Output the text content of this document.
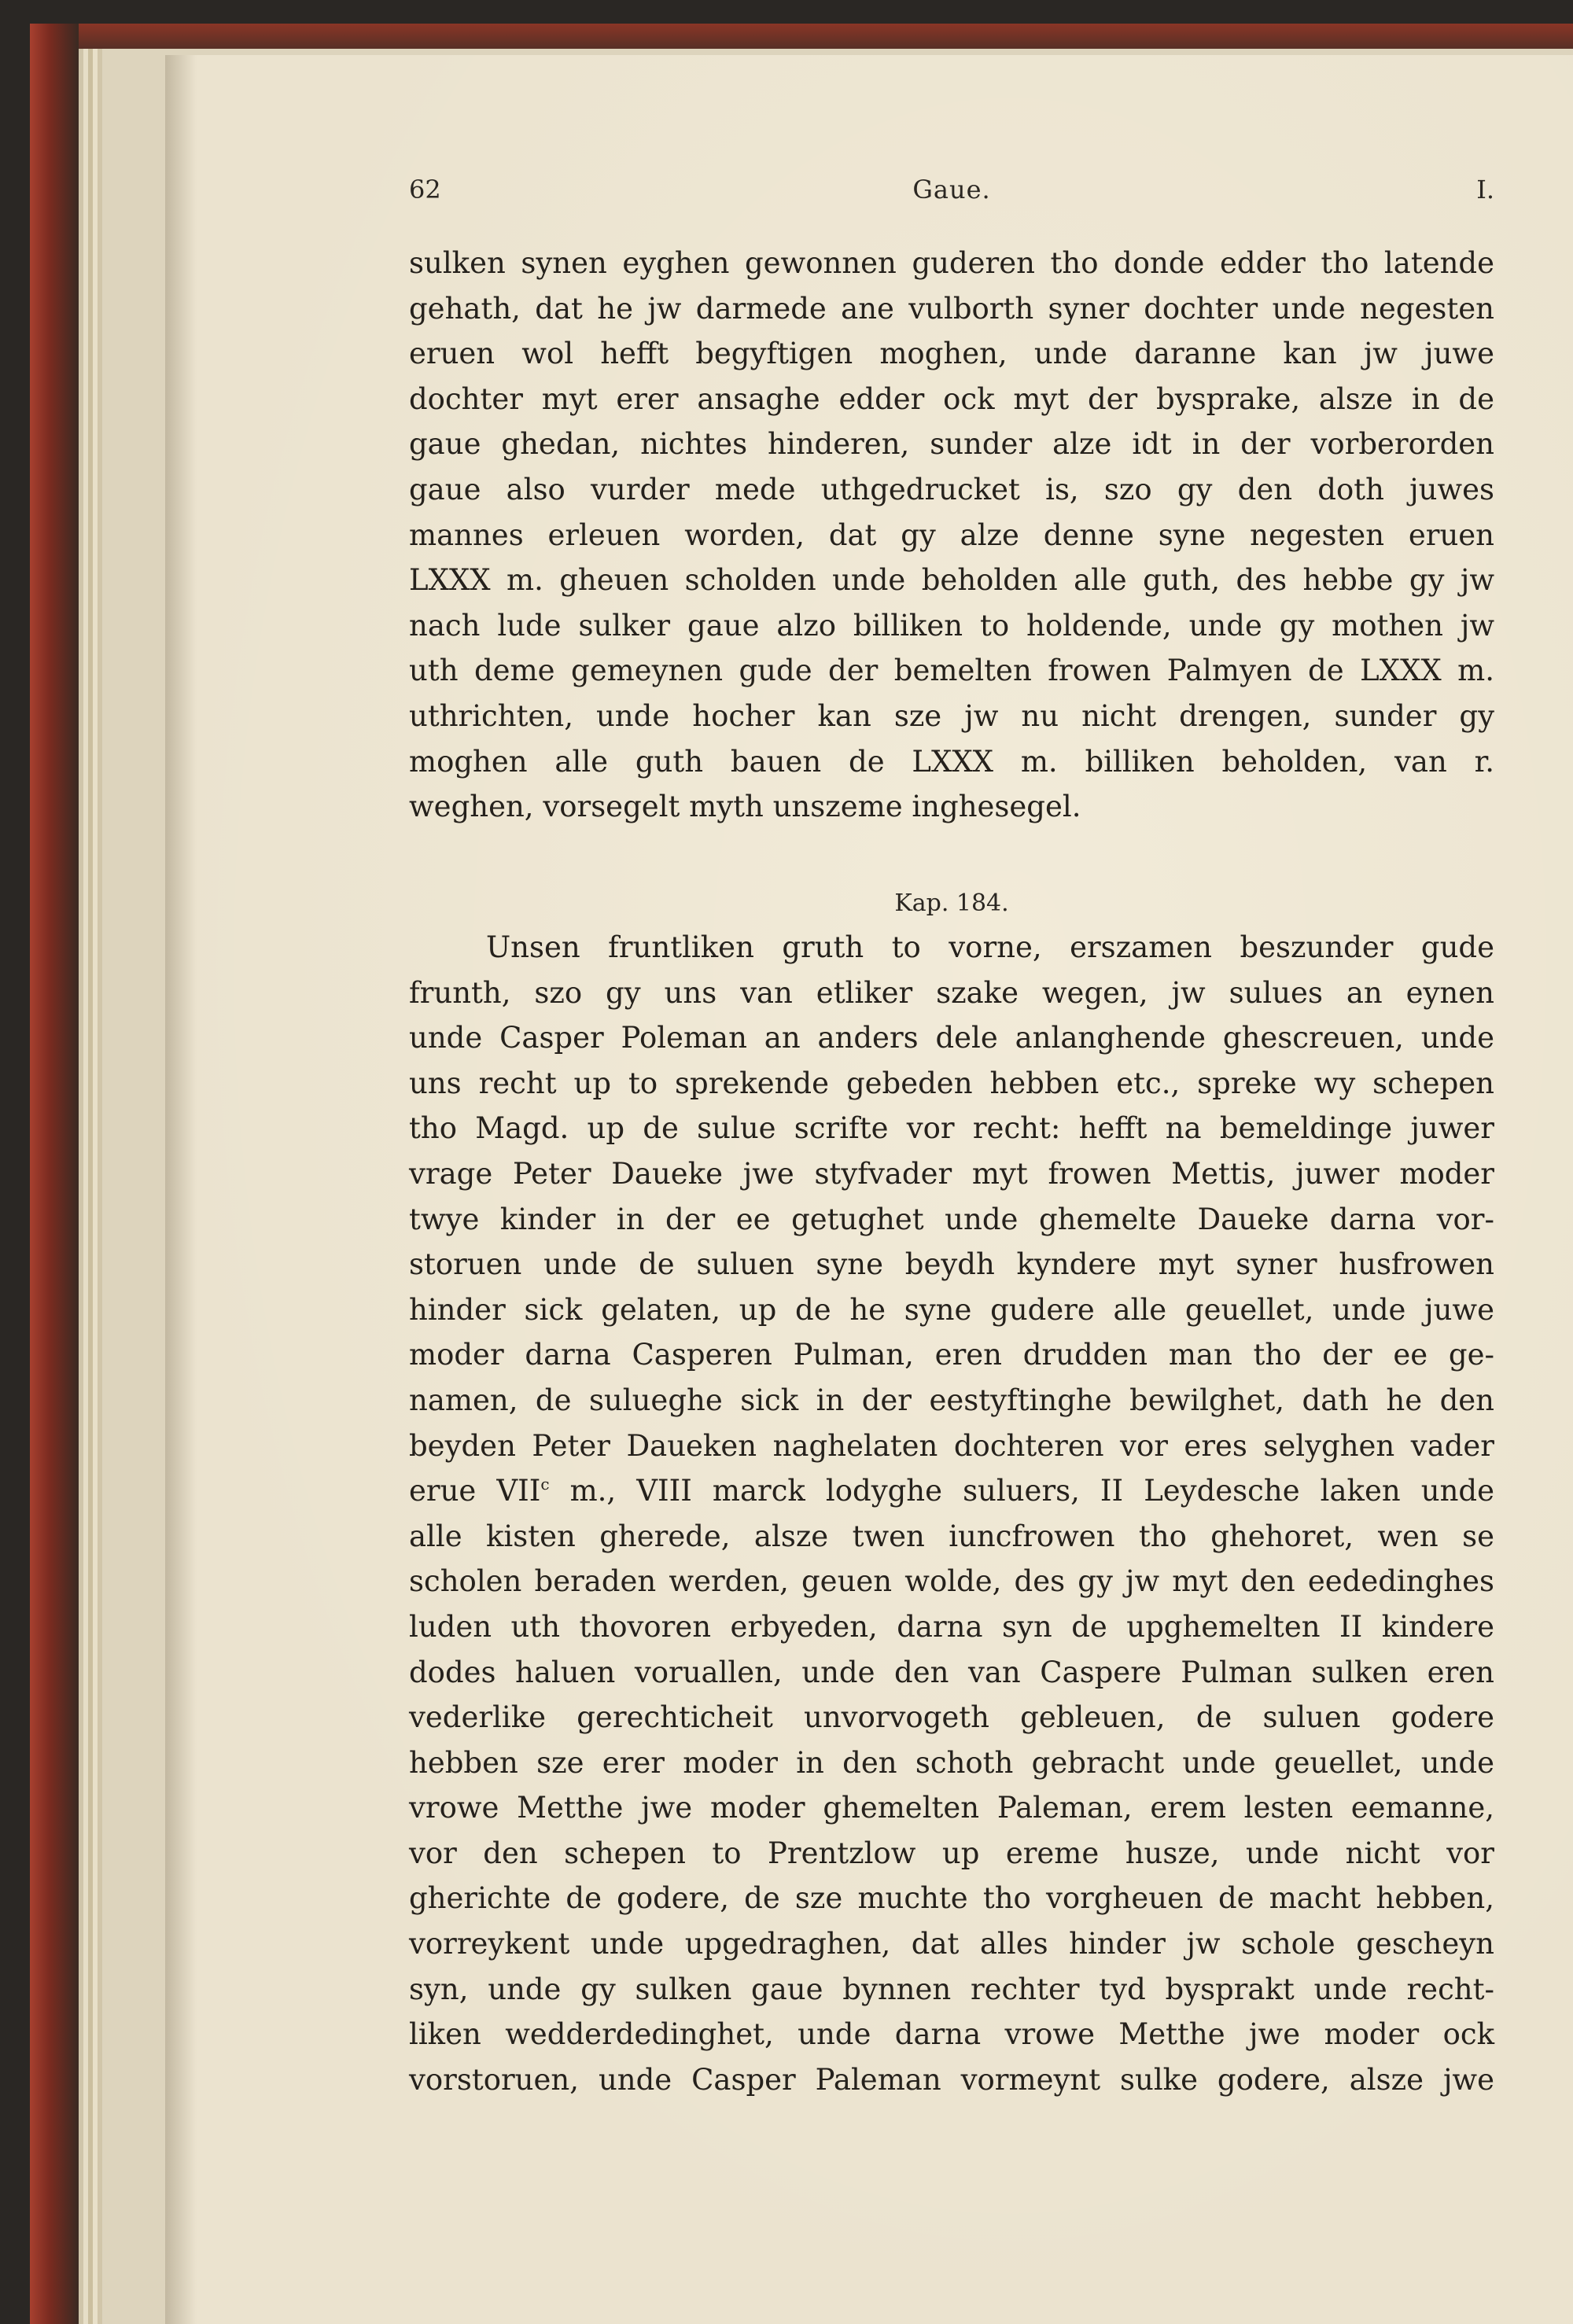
Gaue.
62	I.
sulken synen eyghen gewonnen guderen tho donde edder tho latende
gehath, dat he jw darmede ane vulborth syner dochter unde negesten
eruen wol hefft begyftigen moghen, unde daranne kan jw juwe
dochter myt erer ansaghe edder ock myt der bysprake, alsze in de
gaue ghedan, nichtes hinderen, sunder alze idt in der vorberorden
gaue also vurder mede uthgedrucket is, szo gy den doth juwes
mannes erleuen worden, dat gy alze denne syne negesten eruen
LXXX m. gheuen scholden unde beholden alle guth, des hebbe gy jw
nach lude sulker gaue alzo billiken to holdende, unde gy mothen jw
uth deme gemeynen gude der bemelten frowen Palmyen de LXXX m.
uthrichten, unde hocher kan sze jw nu nicht drengen, sunder gy
moghen alle guth bauen de LXXX m. billiken beholden, van r.
weghen, vorsegelt myth unszeme inghesegel.
Kap. 184.
Unsen fruntliken gruth to vorne, erszamen beszunder gude
frunth, szo gy uns van etliker szake wegen, jw sulues an eynen
unde Casper Poleman an anders dele anlanghende ghescreuen, unde
uns recht up to sprekende gebeden hebben etc., spreke wy schepen
tho Magd. up de sulue scrifte vor recht: hefft na bemeldinge juwer
vrage Peter Daueke jwe styfvader myt frowen Mettis, juwer moder
twye kinder in der ee getughet unde ghemelte Daueke darna vor-
storuen unde de suluen syne beydh kyndere myt syner husfrowen
hinder sick gelaten, up de he syne gudere alle geuellet, unde juwe
moder darna Casperen Pulman, eren drudden man tho der ee ge-
namen, de sulueghe sick in der eestyftinghe bewilghet, dath he den
beyden Peter Daueken naghelaten dochteren vor eres selyghen vader
erue VII$^c$ m., VIII marck lodyghe suluers, II Leydesche laken unde
alle kisten gherede, alsze twen iuncfrowen tho ghehoret, wen se
scholen beraden werden, geuen wolde, des gy jw myt den eededinghes
luden uth thovoren erbyeden, darna syn de upghemelten II kindere
dodes haluen voruallen, unde den van Caspere Pulman sulken eren
vederlike gerechticheit unvorvogeth gebleuen, de suluen godere
hebben sze erer moder in den schoth gebracht unde geuellet, unde
vrowe Metthe jwe moder ghemelten Paleman, erem lesten eemanne,
vor den schepen to Prentzlow up ereme husze, unde nicht vor
gherichte de godere, de sze muchte tho vorgheuen de macht hebben,
vorreykent unde upgedraghen, dat alles hinder jw schole gescheyn
syn, unde gy sulken gaue bynnen rechter tyd bysprakt unde recht-
liken wedderdedinghet, unde darna vrowe Metthe jwe moder ock
vorstoruen, unde Casper Paleman vormeynt sulke godere, alsze jwe
